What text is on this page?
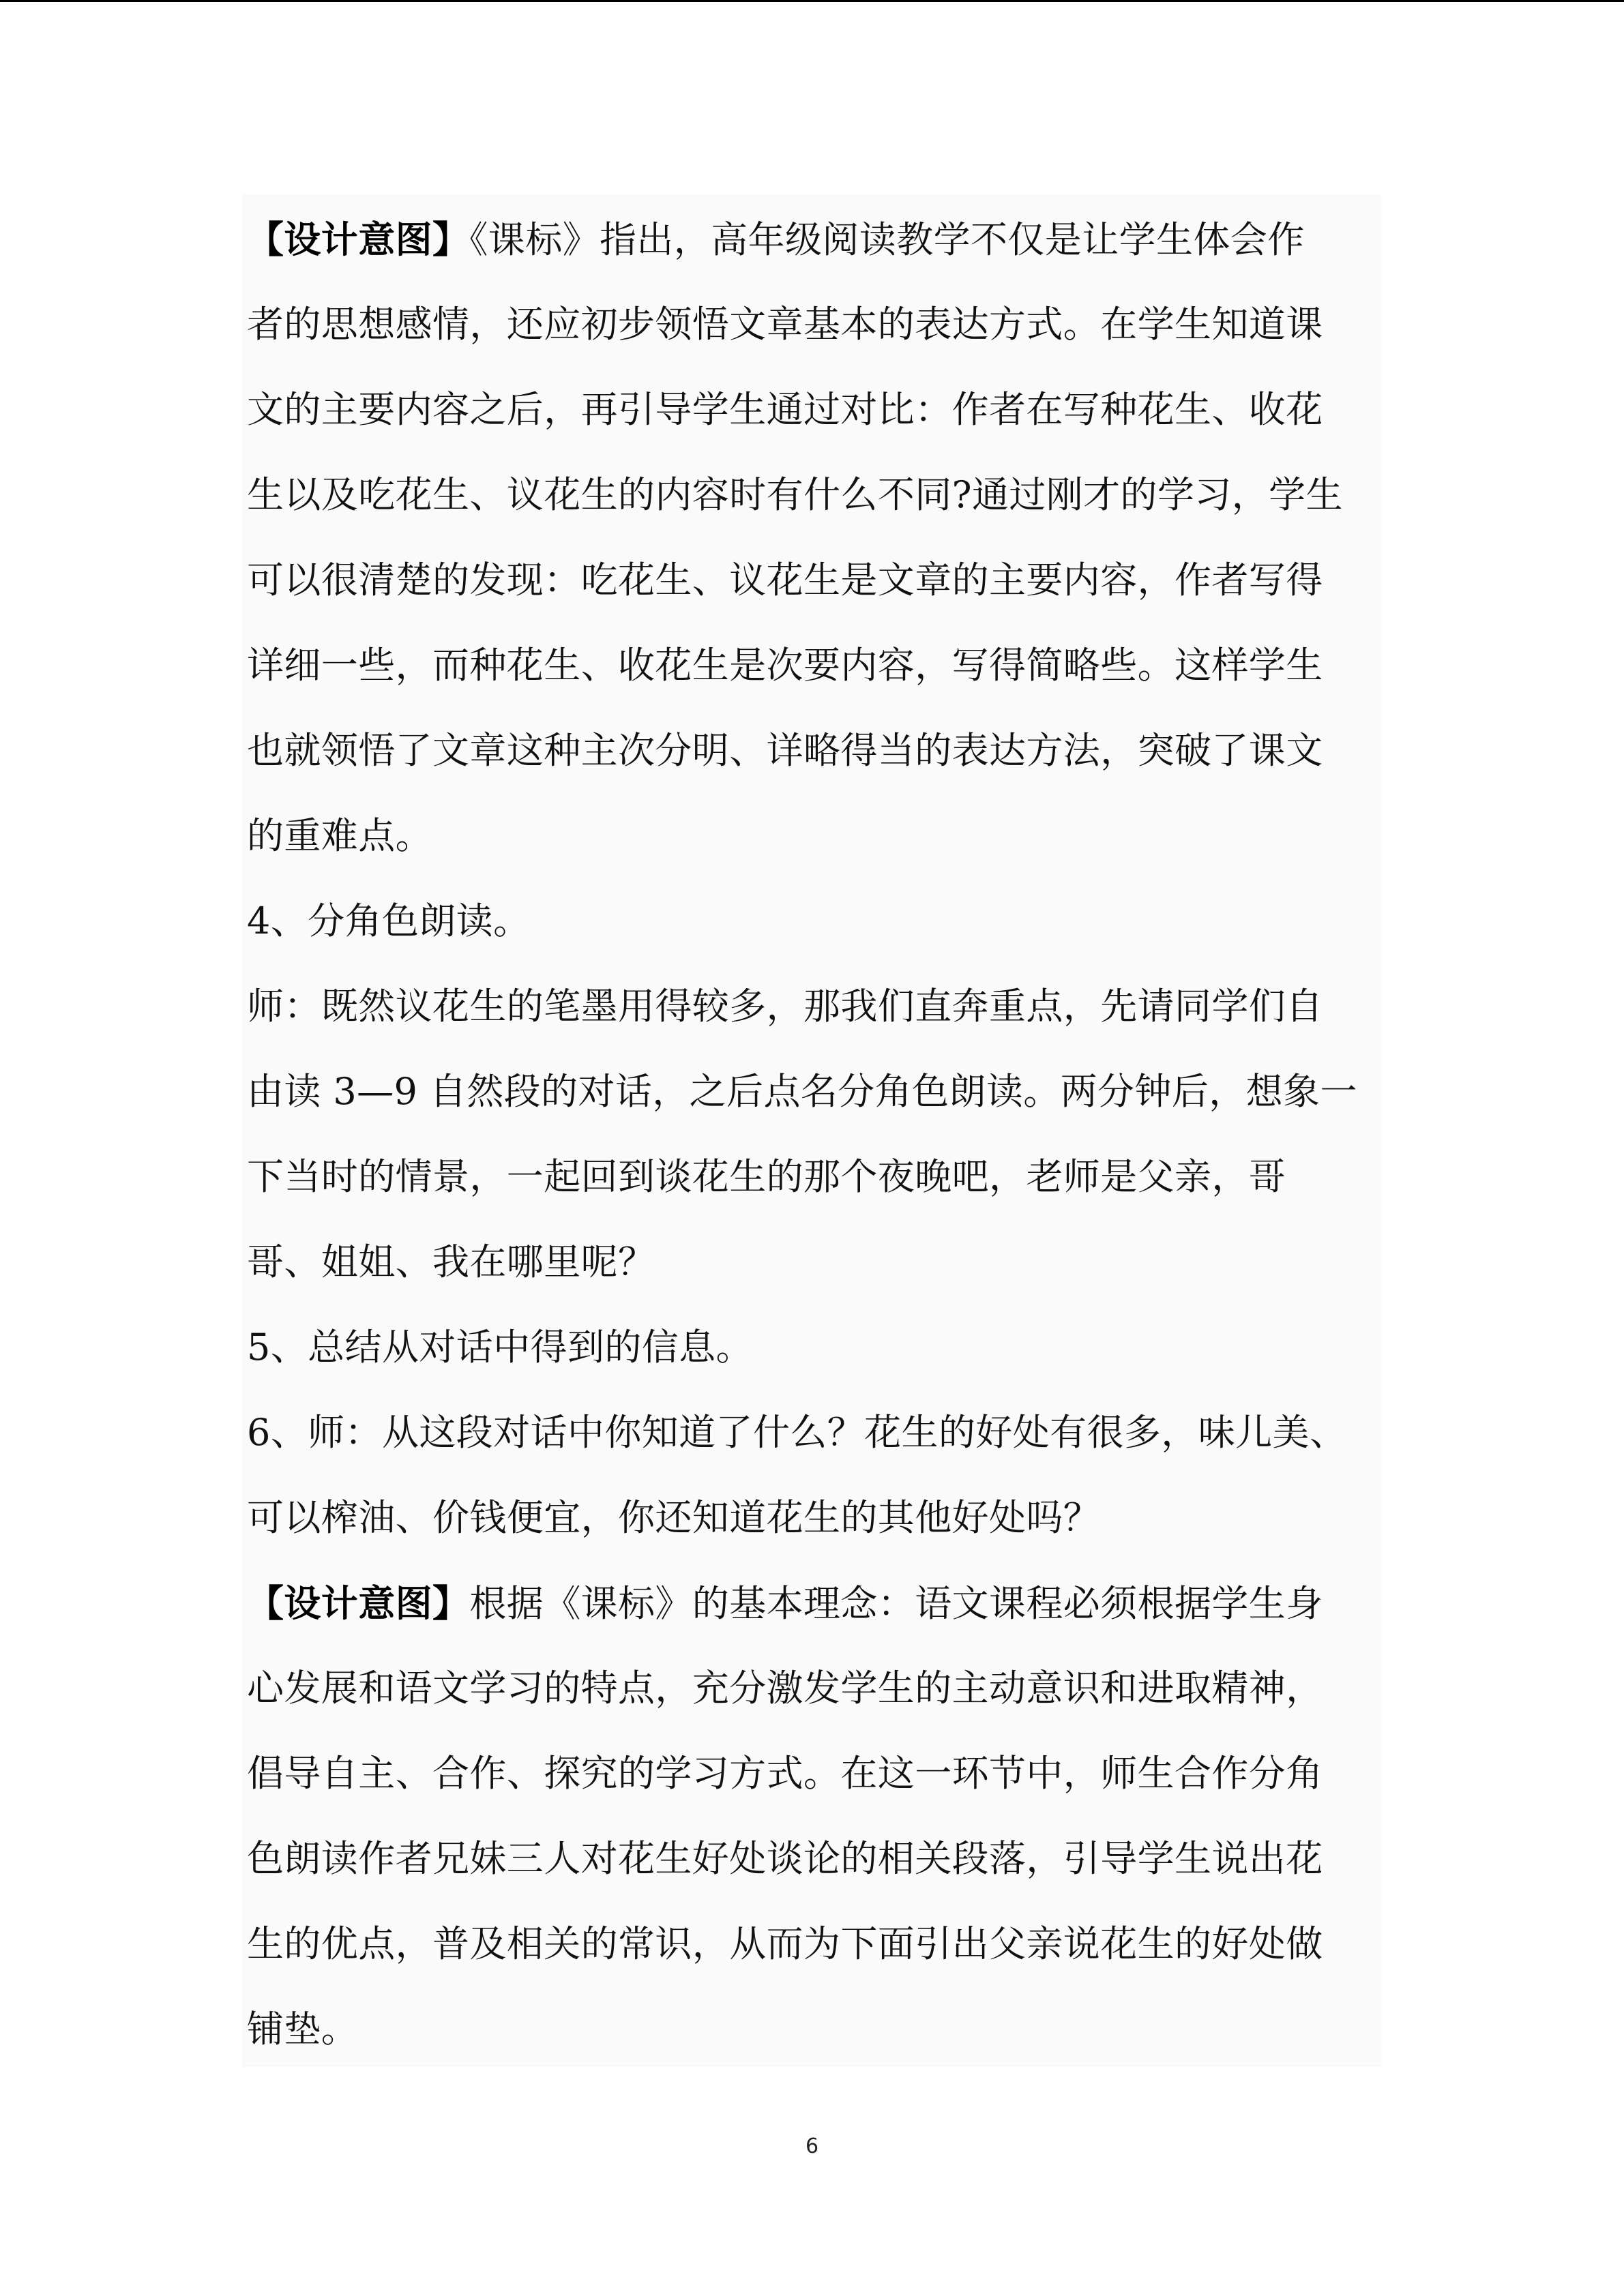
【设计意图】《课标》指出，高年级阅读教学不仅是让学生体会作
者的思想感情，还应初步领悟文章基本的表达方式。在学生知道课
文的主要内容之后，再引导学生通过对比：作者在写种花生、收花
生以及吃花生、议花生的内容时有什么不同?通过刚才的学习，学生
可以很清楚的发现：吃花生、议花生是文章的主要内容，作者写得
详细一些，而种花生、收花生是次要内容，写得简略些。这样学生
也就领悟了文章这种主次分明、详略得当的表达方法，突破了课文
的重难点。
4、分角色朗读。
师：既然议花生的笔墨用得较多，那我们直奔重点，先请同学们自
由读 3—9 自然段的对话，之后点名分角色朗读。两分钟后，想象一
下当时的情景，一起回到谈花生的那个夜晚吧，老师是父亲，哥
哥、姐姐、我在哪里呢？
5、总结从对话中得到的信息。
6、师：从这段对话中你知道了什么？花生的好处有很多，味儿美、
可以榨油、价钱便宜，你还知道花生的其他好处吗？
【设计意图】根据《课标》的基本理念：语文课程必须根据学生身
心发展和语文学习的特点，充分激发学生的主动意识和进取精神，
倡导自主、合作、探究的学习方式。在这一环节中，师生合作分角
色朗读作者兄妹三人对花生好处谈论的相关段落，引导学生说出花
生的优点，普及相关的常识，从而为下面引出父亲说花生的好处做
铺垫。
6
